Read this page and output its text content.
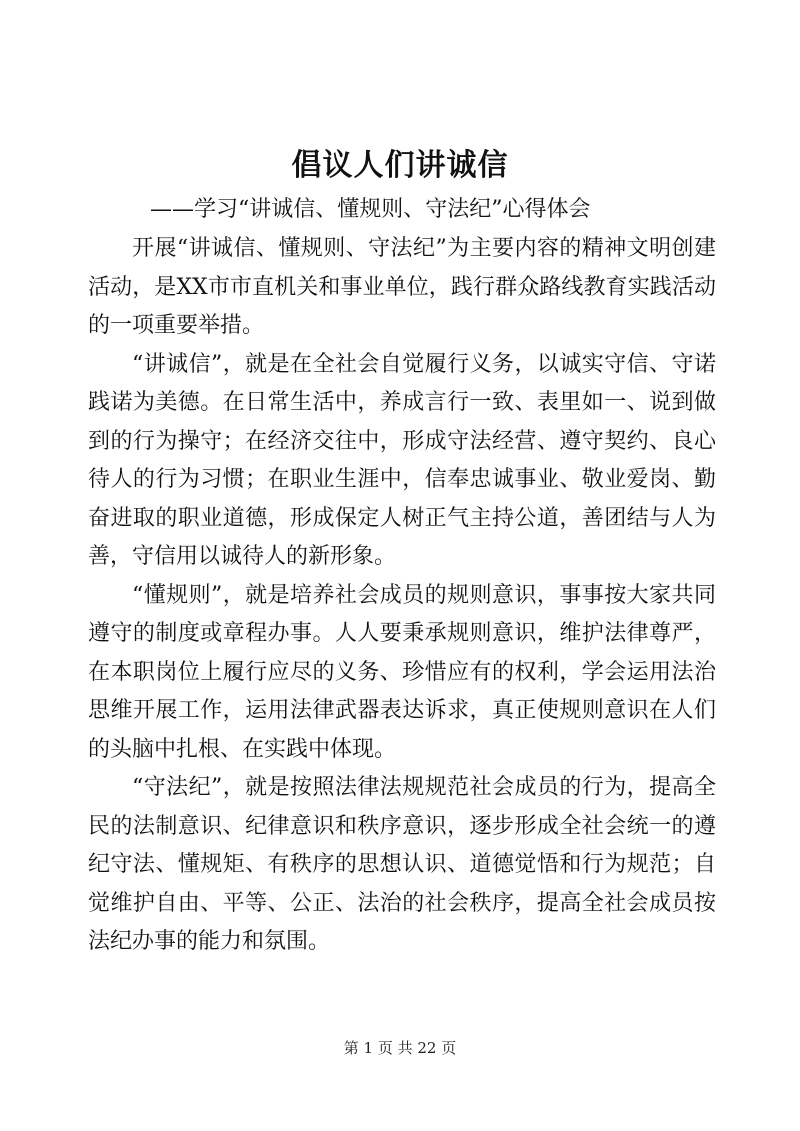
倡议人们讲诚信
——学习“讲诚信、懂规则、守法纪”心得体会

开展“讲诚信、懂规则、守法纪”为主要内容的精神文明创建活动，是XX市市直机关和事业单位，践行群众路线教育实践活动的一项重要举措。

“讲诚信”，就是在全社会自觉履行义务，以诚实守信、守诺践诺为美德。在日常生活中，养成言行一致、表里如一、说到做到的行为操守；在经济交往中，形成守法经营、遵守契约、良心待人的行为习惯；在职业生涯中，信奉忠诚事业、敬业爱岗、勤奋进取的职业道德，形成保定人树正气主持公道，善团结与人为善，守信用以诚待人的新形象。

“懂规则”，就是培养社会成员的规则意识，事事按大家共同遵守的制度或章程办事。人人要秉承规则意识，维护法律尊严，在本职岗位上履行应尽的义务、珍惜应有的权利，学会运用法治思维开展工作，运用法律武器表达诉求，真正使规则意识在人们的头脑中扎根、在实践中体现。

“守法纪”，就是按照法律法规规范社会成员的行为，提高全民的法制意识、纪律意识和秩序意识，逐步形成全社会统一的遵纪守法、懂规矩、有秩序的思想认识、道德觉悟和行为规范；自觉维护自由、平等、公正、法治的社会秩序，提高全社会成员按法纪办事的能力和氛围。

第 1 页 共 22 页
